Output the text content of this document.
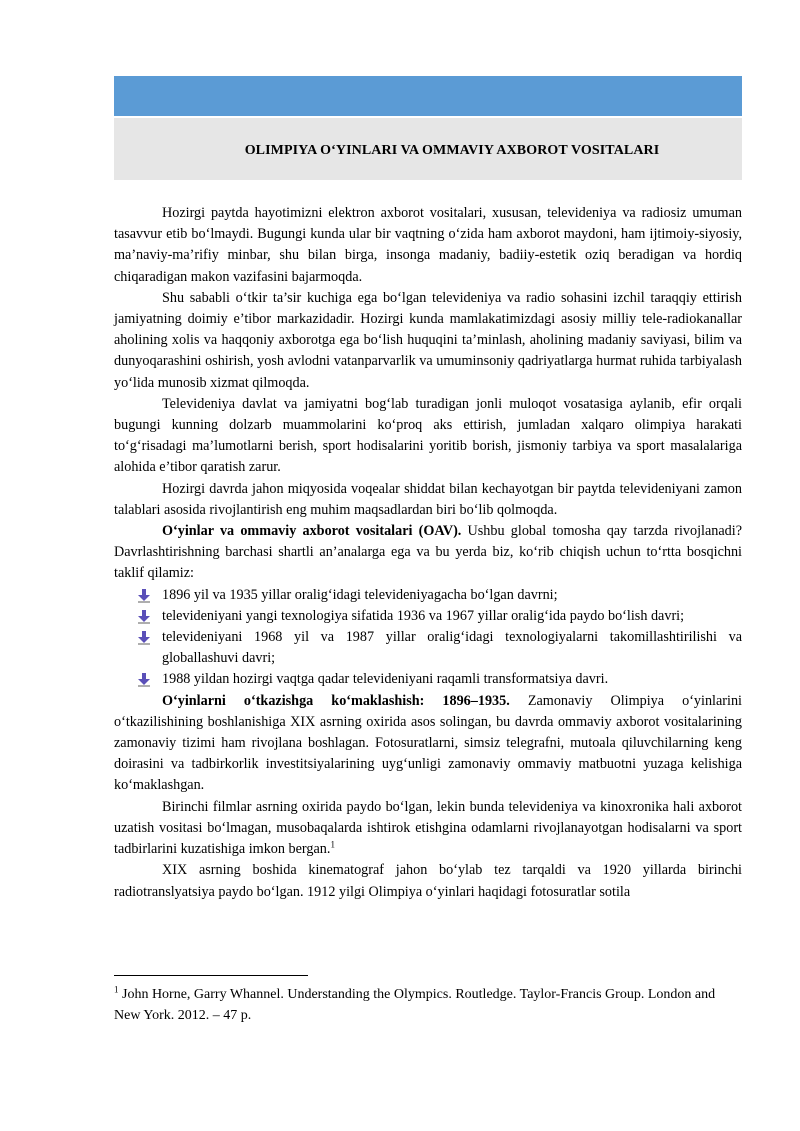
OLIMPIYA O‘YINLARI VA OMMAVIY AXBOROT VOSITALARI

Hozirgi paytda hayotimizni elektron axborot vositalari, xususan, televideniya va radiosiz umuman tasavvur etib bo‘lmaydi. Bugungi kunda ular bir vaqtning o‘zida ham axborot maydoni, ham ijtimoiy-siyosiy, ma’naviy-ma’rifiy minbar, shu bilan birga, insonga madaniy, badiiy-estetik oziq beradigan va hordiq chiqaradigan makon vazifasini bajarmoqda.

Shu sababli o‘tkir ta’sir kuchiga ega bo‘lgan televideniya va radio sohasini izchil taraqqiy ettirish jamiyatning doimiy e’tibor markazidadir. Hozirgi kunda mamlakatimizdagi asosiy milliy tele-radiokanallar aholining xolis va haqqoniy axborotga ega bo‘lish huquqini ta’minlash, aholining madaniy saviyasi, bilim va dunyoqarashini oshirish, yosh avlodni vatanparvarlik va umuminsoniy qadriyatlarga hurmat ruhida tarbiyalash yo‘lida munosib xizmat qilmoqda.

Televideniya davlat va jamiyatni bog‘lab turadigan jonli muloqot vosatasiga aylanib, efir orqali bugungi kunning dolzarb muammolarini ko‘proq aks ettirish, jumladan xalqaro olimpiya harakati to‘g‘risadagi ma’lumotlarni berish, sport hodisalarini yoritib borish, jismoniy tarbiya va sport masalalariga alohida e’tibor qaratish zarur.

Hozirgi davrda jahon miqyosida voqealar shiddat bilan kechayotgan bir paytda televideniyani zamon talablari asosida rivojlantirish eng muhim maqsadlardan biri bo‘lib qolmoqda.

O‘yinlar va ommaviy axborot vositalari (OAV). Ushbu global tomosha qay tarzda rivojlanadi? Davrlashtirishning barchasi shartli an’analarga ega va bu yerda biz, ko‘rib chiqish uchun to‘rtta bosqichni taklif qilamiz:

1896 yil va 1935 yillar oralig‘idagi televideniyagacha bo‘lgan davrni;
televideniyani yangi texnologiya sifatida 1936 va 1967 yillar oralig‘ida paydo bo‘lish davri;
televideniyani 1968 yil va 1987 yillar oralig‘idagi texnologiyalarni takomillashtirilishi va globallashuvi davri;
1988 yildan hozirgi vaqtga qadar televideniyani raqamli transformatsiya davri.

O‘yinlarni o‘tkazishga ko‘maklashish: 1896–1935. Zamonaviy Olimpiya o‘yinlarini o‘tkazilishining boshlanishiga XIX asrning oxirida asos solingan, bu davrda ommaviy axborot vositalarining zamonaviy tizimi ham rivojlana boshlagan. Fotosuratlarni, simsiz telegrafni, mutoala qiluvchilarning keng doirasini va tadbirkorlik investitsiyalarining uyg‘unligi zamonaviy ommaviy matbuotni yuzaga kelishiga ko‘maklashgan.

Birinchi filmlar asrning oxirida paydo bo‘lgan, lekin bunda televideniya va kinoxronika hali axborot uzatish vositasi bo‘lmagan, musobaqalarda ishtirok etishgina odamlarni rivojlanayotgan hodisalarni va sport tadbirlarini kuzatishiga imkon bergan.$^1$

XIX asrning boshida kinematograf jahon bo‘ylab tez tarqaldi va 1920 yillarda birinchi radiotranslyatsiya paydo bo‘lgan. 1912 yilgi Olimpiya o‘yinlari haqidagi fotosuratlar sotila

$^1$ John Horne, Garry Whannel. Understanding the Olympics. Routledge. Taylor-Francis Group. London and New York. 2012. – 47 p.
